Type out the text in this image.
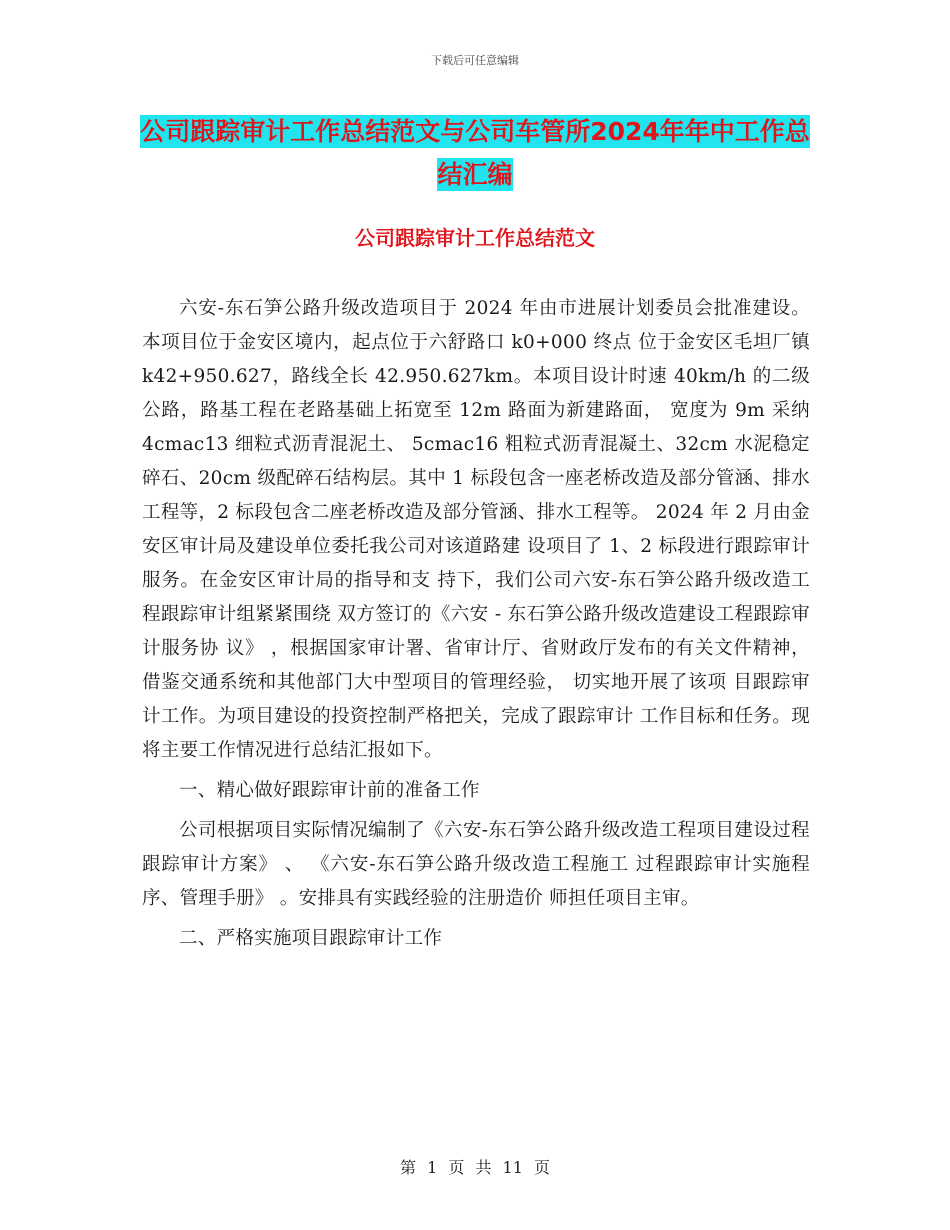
下载后可任意编辑
公司跟踪审计工作总结范文与公司车管所2024年年中工作总结汇编
公司跟踪审计工作总结范文

六安-东石笋公路升级改造项目于 2024 年由市进展计划委员会批准建设。本项目位于金安区境内，起点位于六舒路口 k0+000 终点 位于金安区毛坦厂镇 k42+950.627，路线全长 42.950.627km。本项目设计时速 40km/h 的二级公路，路基工程在老路基础上拓宽至 12m 路面为新建路面， 宽度为 9m 采纳 4cmac13 细粒式沥青混泥土、 5cmac16 粗粒式沥青混凝土、32cm 水泥稳定碎石、20cm 级配碎石结构层。其中 1 标段包含一座老桥改造及部分管涵、排水工程等，2 标段包含二座老桥改造及部分管涵、排水工程等。 2024 年 2 月由金安区审计局及建设单位委托我公司对该道路建 设项目了 1、2 标段进行跟踪审计服务。在金安区审计局的指导和支 持下，我们公司六安-东石笋公路升级改造工程跟踪审计组紧紧围绕 双方签订的《六安 - 东石笋公路升级改造建设工程跟踪审计服务协 议》 ，根据国家审计署、省审计厅、省财政厅发布的有关文件精神， 借鉴交通系统和其他部门大中型项目的管理经验， 切实地开展了该项 目跟踪审计工作。为项目建设的投资控制严格把关，完成了跟踪审计 工作目标和任务。现将主要工作情况进行总结汇报如下。

一、精心做好跟踪审计前的准备工作

公司根据项目实际情况编制了《六安-东石笋公路升级改造工程项目建设过程跟踪审计方案》 、 《六安-东石笋公路升级改造工程施工 过程跟踪审计实施程序、管理手册》 。安排具有实践经验的注册造价 师担任项目主审。

二、严格实施项目跟踪审计工作

第 1 页 共 11 页
